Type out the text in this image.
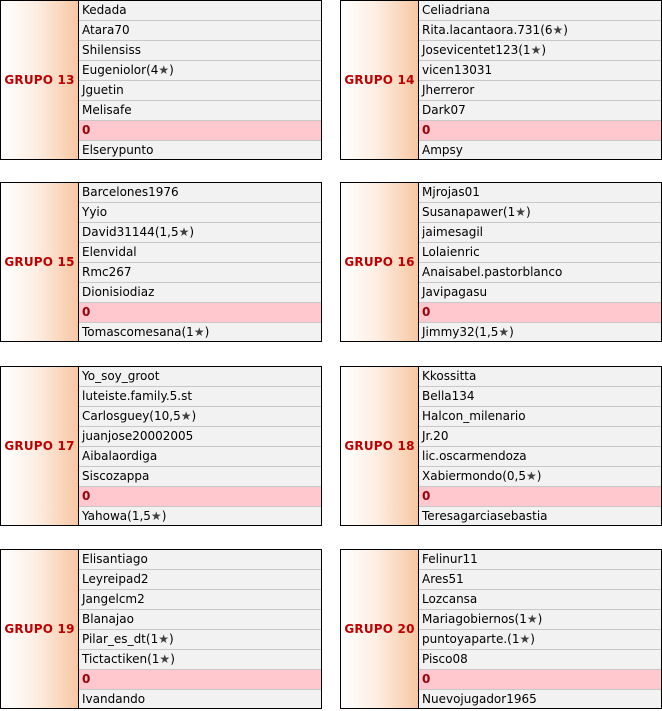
GRUPO 13
Kedada
Atara70
Shilensiss
Eugeniolor(4★)
Jguetin
Melisafe
0
Elserypunto
GRUPO 14
Celiadriana
Rita.lacantaora.731(6★)
Josevicentet123(1★)
vicen13031
Jherreror
Dark07
0
Ampsy
GRUPO 15
Barcelones1976
Yyio
David31144(1,5★)
Elenvidal
Rmc267
Dionisiodiaz
0
Tomascomesana(1★)
GRUPO 16
Mjrojas01
Susanapawer(1★)
jaimesagil
Lolaienric
Anaisabel.pastorblanco
Javipagasu
0
Jimmy32(1,5★)
GRUPO 17
Yo_soy_groot
luteiste.family.5.st
Carlosguey(10,5★)
juanjose20002005
Aibalaordiga
Siscozappa
0
Yahowa(1,5★)
GRUPO 18
Kkossitta
Bella134
Halcon_milenario
Jr.20
lic.oscarmendoza
Xabiermondo(0,5★)
0
Teresagarciasebastia
GRUPO 19
Elisantiago
Leyreipad2
Jangelcm2
Blanajao
Pilar_es_dt(1★)
Tictactiken(1★)
0
Ivandando
GRUPO 20
Felinur11
Ares51
Lozcansa
Mariagobiernos(1★)
puntoyaparte.(1★)
Pisco08
0
Nuevojugador1965
